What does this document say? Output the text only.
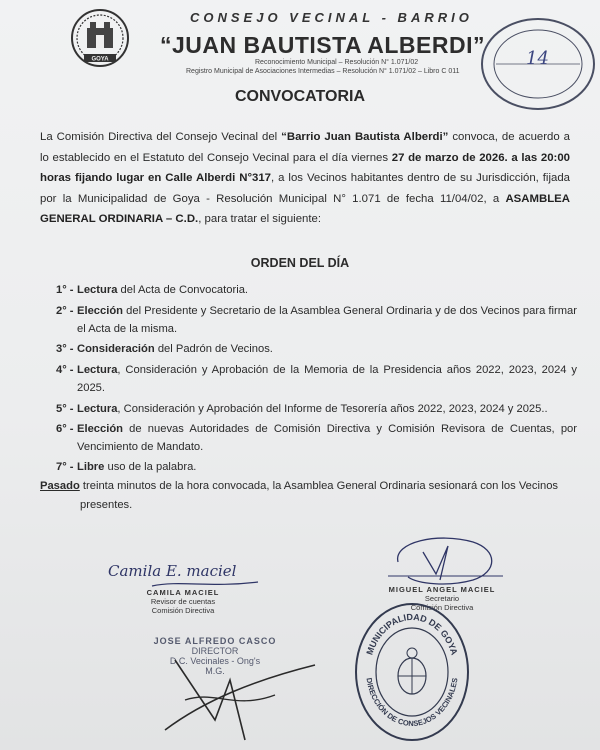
GOYA
CONSEJO VECINAL - BARRIO
“JUAN BAUTISTA ALBERDI”
Reconocimiento Municipal – Resolución N° 1.071/02
Registro Municipal de Asociaciones Intermedias – Resolución N° 1.071/02 – Libro C 011
14
CONVOCATORIA
La Comisión Directiva del Consejo Vecinal del “Barrio Juan Bautista Alberdi” convoca, de acuerdo a lo establecido en el Estatuto del Consejo Vecinal para el día viernes 27 de marzo de 2026. a las 20:00 horas fijando lugar en Calle Alberdi N°317, a los Vecinos habitantes dentro de su Jurisdicción, fijada por la Municipalidad de Goya - Resolución Municipal N° 1.071 de fecha 11/04/02, a ASAMBLEA GENERAL ORDINARIA – C.D., para tratar el siguiente:
ORDEN DEL DÍA
1° - Lectura del Acta de Convocatoria.
2° - Elección del Presidente y Secretario de la Asamblea General Ordinaria y de dos Vecinos para firmar el Acta de la misma.
3° - Consideración del Padrón de Vecinos.
4° - Lectura, Consideración y Aprobación de la Memoria de la Presidencia años 2022, 2023, 2024 y 2025.
5° - Lectura, Consideración y Aprobación del Informe de Tesorería años 2022, 2023, 2024 y 2025..
6° - Elección de nuevas Autoridades de Comisión Directiva y Comisión Revisora de Cuentas, por Vencimiento de Mandato.
7° - Libre uso de la palabra.
Pasado treinta minutos de la hora convocada, la Asamblea General Ordinaria sesionará con los Vecinos
presentes.
Camila E. maciel
CAMILA MACIEL
Revisor de cuentas
Comisión Directiva
MIGUEL ANGEL MACIEL
Secretario
Comisión Directiva
JOSE ALFREDO CASCO
DIRECTOR
D.C. Vecinales - Ong's
M.G.
MUNICIPALIDAD DE GOYA
DIRECCIÓN DE CONSEJOS VECINALES
